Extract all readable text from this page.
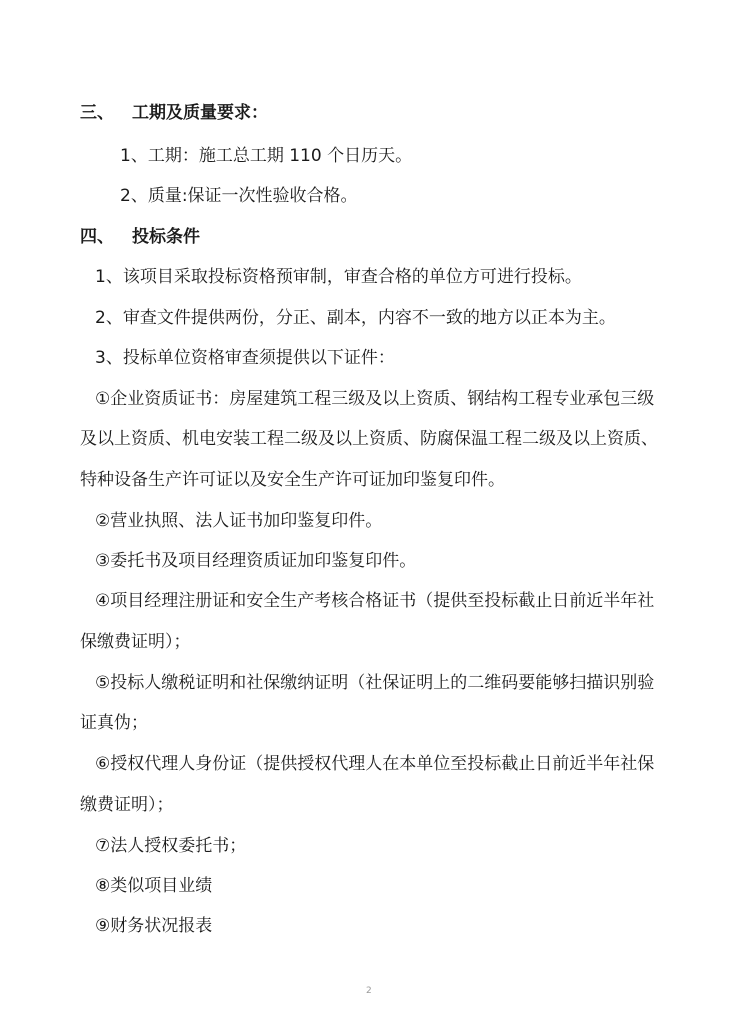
三、 工期及质量要求：
1、工期：施工总工期 110 个日历天。
2、质量:保证一次性验收合格。
四、 投标条件
1、该项目采取投标资格预审制，审查合格的单位方可进行投标。
2、审查文件提供两份，分正、副本，内容不一致的地方以正本为主。
3、投标单位资格审查须提供以下证件：
①企业资质证书：房屋建筑工程三级及以上资质、钢结构工程专业承包三级
及以上资质、机电安装工程二级及以上资质、防腐保温工程二级及以上资质、
特种设备生产许可证以及安全生产许可证加印鉴复印件。
②营业执照、法人证书加印鉴复印件。
③委托书及项目经理资质证加印鉴复印件。
④项目经理注册证和安全生产考核合格证书（提供至投标截止日前近半年社
保缴费证明）；
⑤投标人缴税证明和社保缴纳证明（社保证明上的二维码要能够扫描识别验
证真伪；
⑥授权代理人身份证（提供授权代理人在本单位至投标截止日前近半年社保
缴费证明）；
⑦法人授权委托书；
⑧类似项目业绩
⑨财务状况报表
2
